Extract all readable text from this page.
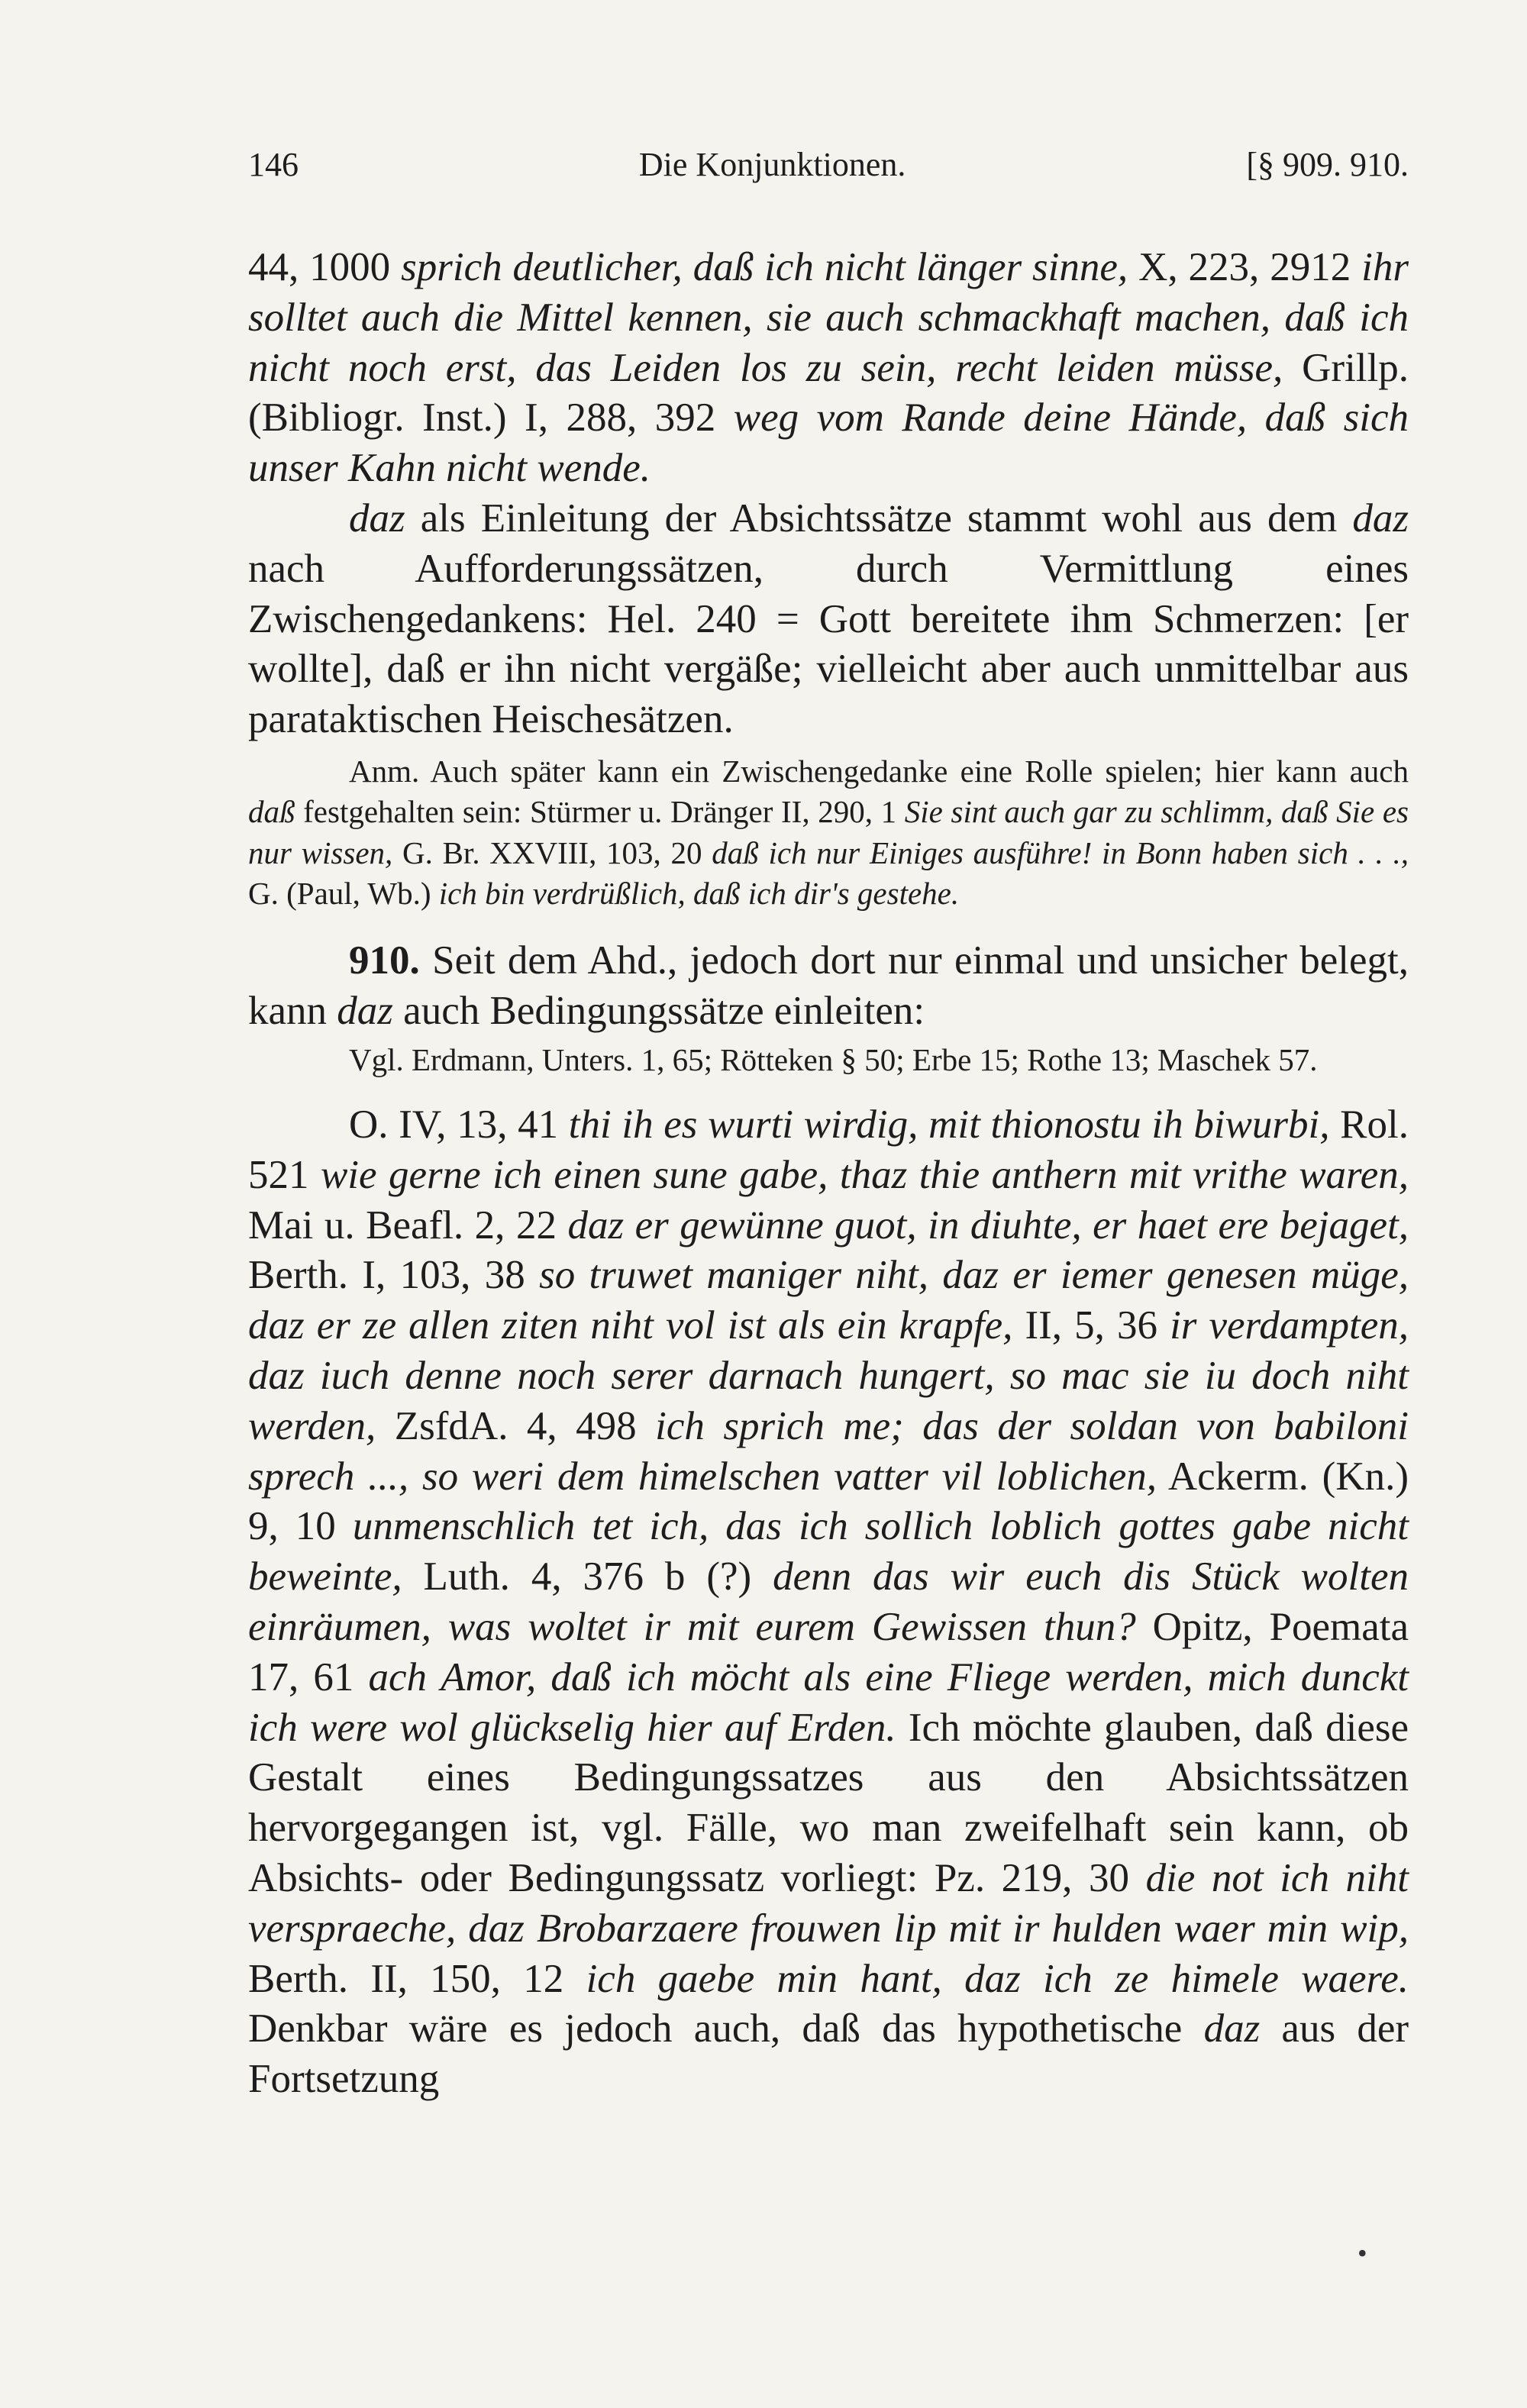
146	Die Konjunktionen.	[§ 909. 910.

44, 1000 sprich deutlicher, daß ich nicht länger sinne, X, 223, 2912 ihr solltet auch die Mittel kennen, sie auch schmackhaft machen, daß ich nicht noch erst, das Leiden los zu sein, recht leiden müsse, Grillp. (Bibliogr. Inst.) I, 288, 392 weg vom Rande deine Hände, daß sich unser Kahn nicht wende.

daz als Einleitung der Absichtssätze stammt wohl aus dem daz nach Aufforderungssätzen, durch Vermittlung eines Zwischengedankens: Hel. 240 = Gott bereitete ihm Schmerzen: [er wollte], daß er ihn nicht vergäße; vielleicht aber auch unmittelbar aus parataktischen Heischesätzen.

Anm. Auch später kann ein Zwischengedanke eine Rolle spielen; hier kann auch daß festgehalten sein: Stürmer u. Dränger II, 290, 1 Sie sint auch gar zu schlimm, daß Sie es nur wissen, G. Br. XXVIII, 103, 20 daß ich nur Einiges ausführe! in Bonn haben sich . . ., G. (Paul, Wb.) ich bin verdrüßlich, daß ich dir's gestehe.

910. Seit dem Ahd., jedoch dort nur einmal und unsicher belegt, kann daz auch Bedingungssätze einleiten:

Vgl. Erdmann, Unters. 1, 65; Rötteken § 50; Erbe 15; Rothe 13; Maschek 57.

O. IV, 13, 41 thi ih es wurti wirdig, mit thionostu ih biwurbi, Rol. 521 wie gerne ich einen sune gabe, thaz thie anthern mit vrithe waren, Mai u. Beafl. 2, 22 daz er gewünne guot, in diuhte, er haet ere bejaget, Berth. I, 103, 38 so truwet maniger niht, daz er iemer genesen müge, daz er ze allen ziten niht vol ist als ein krapfe, II, 5, 36 ir verdampten, daz iuch denne noch serer darnach hungert, so mac sie iu doch niht werden, ZsfdA. 4, 498 ich sprich me; das der soldan von babiloni sprech ..., so weri dem himelschen vatter vil loblichen, Ackerm. (Kn.) 9, 10 unmenschlich tet ich, das ich sollich loblich gottes gabe nicht beweinte, Luth. 4, 376 b (?) denn das wir euch dis Stück wolten einräumen, was woltet ir mit eurem Gewissen thun? Opitz, Poemata 17, 61 ach Amor, daß ich möcht als eine Fliege werden, mich dunckt ich were wol glückselig hier auf Erden. Ich möchte glauben, daß diese Gestalt eines Bedingungssatzes aus den Absichtssätzen hervorgegangen ist, vgl. Fälle, wo man zweifelhaft sein kann, ob Absichts- oder Bedingungssatz vorliegt: Pz. 219, 30 die not ich niht verspraeche, daz Brobarzaere frouwen lip mit ir hulden waer min wip, Berth. II, 150, 12 ich gaebe min hant, daz ich ze himele waere. Denkbar wäre es jedoch auch, daß das hypothetische daz aus der Fortsetzung

•
